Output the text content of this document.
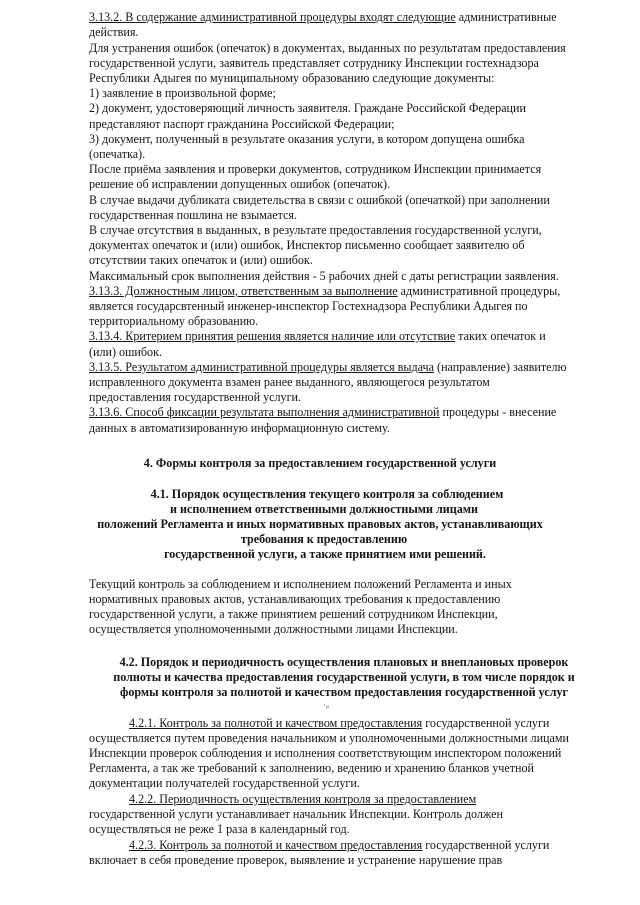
3.13.2. В содержание административной процедуры входят следующие административные
действия.
Для устранения ошибок (опечаток) в документах, выданных по результатам предоставления
государственной услуги, заявитель представляет сотруднику Инспекции гостехнадзора
Республики Адыгея по муниципальному образованию следующие документы:
1) заявление в произвольной форме;
2) документ, удостоверяющий личность заявителя. Граждане Российской Федерации
представляют паспорт гражданина Российской Федерации;
3) документ, полученный в результате оказания услуги, в котором допущена ошибка
(опечатка).
После приёма заявления и проверки документов, сотрудником Инспекции принимается
решение об исправлении допущенных ошибок (опечаток).
В случае выдачи дубликата свидетельства в связи с ошибкой (опечаткой) при заполнении
государственная пошлина не взымается.
В случае отсутствия в выданных, в результате предоставления государственной услуги,
документах опечаток и (или) ошибок, Инспектор письменно сообщает заявителю об
отсутствии таких опечаток и (или) ошибок.
Максимальный срок выполнения действия - 5 рабочих дней с даты регистрации заявления.
3.13.3. Должностным лицом, ответственным за выполнение административной процедуры,
является государсвтенный инженер-инспектор Гостехнадзора Республики Адыгея по
территориальному образованию.
3.13.4. Критерием принятия решения является наличие или отсутствие таких опечаток и
(или) ошибок.
3.13.5. Результатом административной процедуры является выдача (направление) заявителю
исправленного документа взамен ранее выданного, являющегося результатом
предоставления государственной услуги.
3.13.6. Способ фиксации результата выполнения административной процедуры - внесение
данных в автоматизированную информационную систему.
4. Формы контроля за предоставлением государственной услуги
4.1. Порядок осуществления текущего контроля за соблюдением
и исполнением ответственными должностными лицами
положений Регламента и иных нормативных правовых актов, устанавливающих
требования к предоставлению
государственной услуги, а также принятием ими решений.
Текущий контроль за соблюдением и исполнением положений Регламента и иных
нормативных правовых актов, устанавливающих требования к предоставлению
государственной услуги, а также принятием решений сотрудником Инспекции,
осуществляется уполномоченными должностными лицами Инспекции.
4.2. Порядок и периодичность осуществления плановых и внеплановых проверок
полноты и качества предоставления государственной услуги, в том числе порядок и
формы контроля за полнотой и качеством предоставления государственной услуг
˙ᵈ
4.2.1. Контроль за полнотой и качеством предоставления государственной услуги
осуществляется путем проведения начальником и уполномоченными должностными лицами
Инспекции проверок соблюдения и исполнения соответствующим инспектором положений
Регламента, а так же требований к заполнению, ведению и хранению бланков учетной
документации получателей государственной услуги.
4.2.2. Периодичность осуществления контроля за предоставлением
государственной услуги устанавливает начальник Инспекции. Контроль должен
осуществляться не реже 1 раза в календарный год.
4.2.3. Контроль за полнотой и качеством предоставления государственной услуги
включает в себя проведение проверок, выявление и устранение нарушение прав
